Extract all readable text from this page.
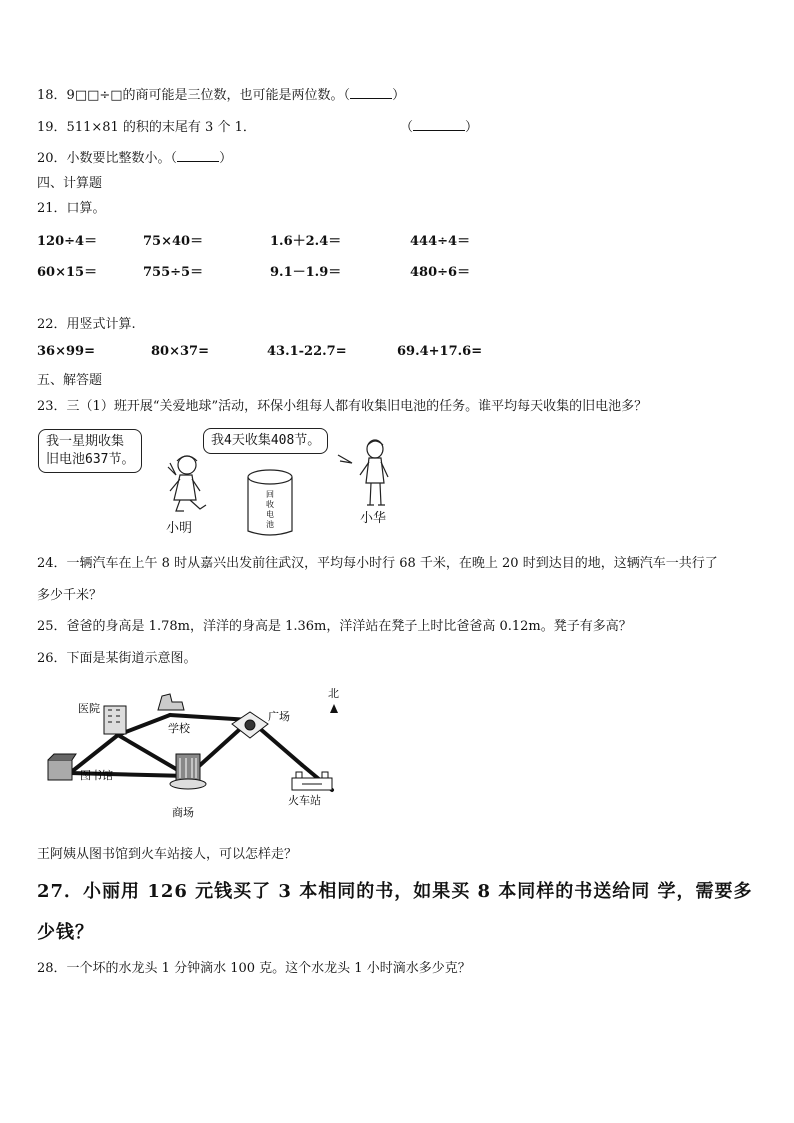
18．9□□÷□的商可能是三位数，也可能是两位数。（	）
19．511×81 的积的末尾有 3 个 1．	（	）
20．小数要比整数小。（	）
四、计算题
21．口算。
120÷4＝	75×40＝	1.6＋2.4＝	444÷4＝
60×15＝	755÷5＝	9.1－1.9＝	480÷6＝
22．用竖式计算.
36×99=	80×37=	43.1-22.7=	69.4+17.6=
五、解答题
23．三（1）班开展“关爱地球”活动，环保小组每人都有收集旧电池的任务。谁平均每天收集的旧电池多？
我一星期收集
旧电池637节。
我4天收集408节。
回
收
电
池
小明
小华
24．一辆汽车在上午 8 时从嘉兴出发前往武汉，平均每小时行 68 千米，在晚上 20 时到达目的地，这辆汽车一共行了
多少千米？
25．爸爸的身高是 1.78m，洋洋的身高是 1.36m，洋洋站在凳子上时比爸爸高 0.12m。凳子有多高？
26．下面是某街道示意图。
医院
学校
广场
图书馆
商场
火车站
北
王阿姨从图书馆到火车站接人，可以怎样走？
27．小丽用 126 元钱买了 3 本相同的书，如果买 8 本同样的书送给同 学，需要多
少钱？
28．一个坏的水龙头 1 分钟滴水 100 克。这个水龙头 1 小时滴水多少克？
